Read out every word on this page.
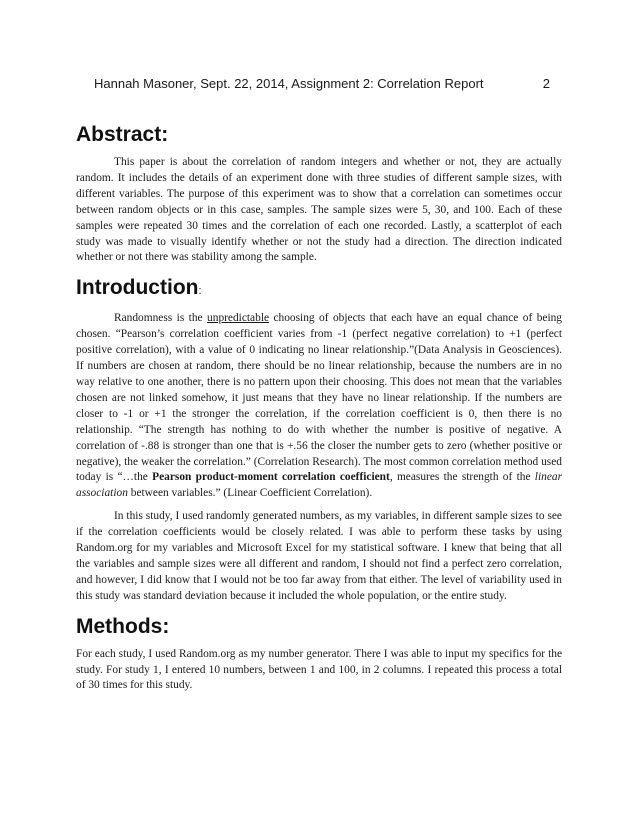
Hannah Masoner, Sept. 22, 2014, Assignment 2: Correlation Report	2
Abstract:

This paper is about the correlation of random integers and whether or not, they are actually random. It includes the details of an experiment done with three studies of different sample sizes, with different variables. The purpose of this experiment was to show that a correlation can sometimes occur between random objects or in this case, samples. The sample sizes were 5, 30, and 100. Each of these samples were repeated 30 times and the correlation of each one recorded. Lastly, a scatterplot of each study was made to visually identify whether or not the study had a direction. The direction indicated whether or not there was stability among the sample.

Introduction:

Randomness is the unpredictable choosing of objects that each have an equal chance of being chosen. “Pearson’s correlation coefficient varies from -1 (perfect negative correlation) to +1 (perfect positive correlation), with a value of 0 indicating no linear relationship.”(Data Analysis in Geosciences). If numbers are chosen at random, there should be no linear relationship, because the numbers are in no way relative to one another, there is no pattern upon their choosing. This does not mean that the variables chosen are not linked somehow, it just means that they have no linear relationship. If the numbers are closer to -1 or +1 the stronger the correlation, if the correlation coefficient is 0, then there is no relationship. “The strength has nothing to do with whether the number is positive of negative. A correlation of -.88 is stronger than one that is +.56 the closer the number gets to zero (whether positive or negative), the weaker the correlation.” (Correlation Research). The most common correlation method used today is “…the Pearson product-moment correlation coefficient, measures the strength of the linear association between variables.” (Linear Coefficient Correlation).

In this study, I used randomly generated numbers, as my variables, in different sample sizes to see if the correlation coefficients would be closely related. I was able to perform these tasks by using Random.org for my variables and Microsoft Excel for my statistical software. I knew that being that all the variables and sample sizes were all different and random, I should not find a perfect zero correlation, and however, I did know that I would not be too far away from that either. The level of variability used in this study was standard deviation because it included the whole population, or the entire study.

Methods:

For each study, I used Random.org as my number generator. There I was able to input my specifics for the study. For study 1, I entered 10 numbers, between 1 and 100, in 2 columns. I repeated this process a total of 30 times for this study.
